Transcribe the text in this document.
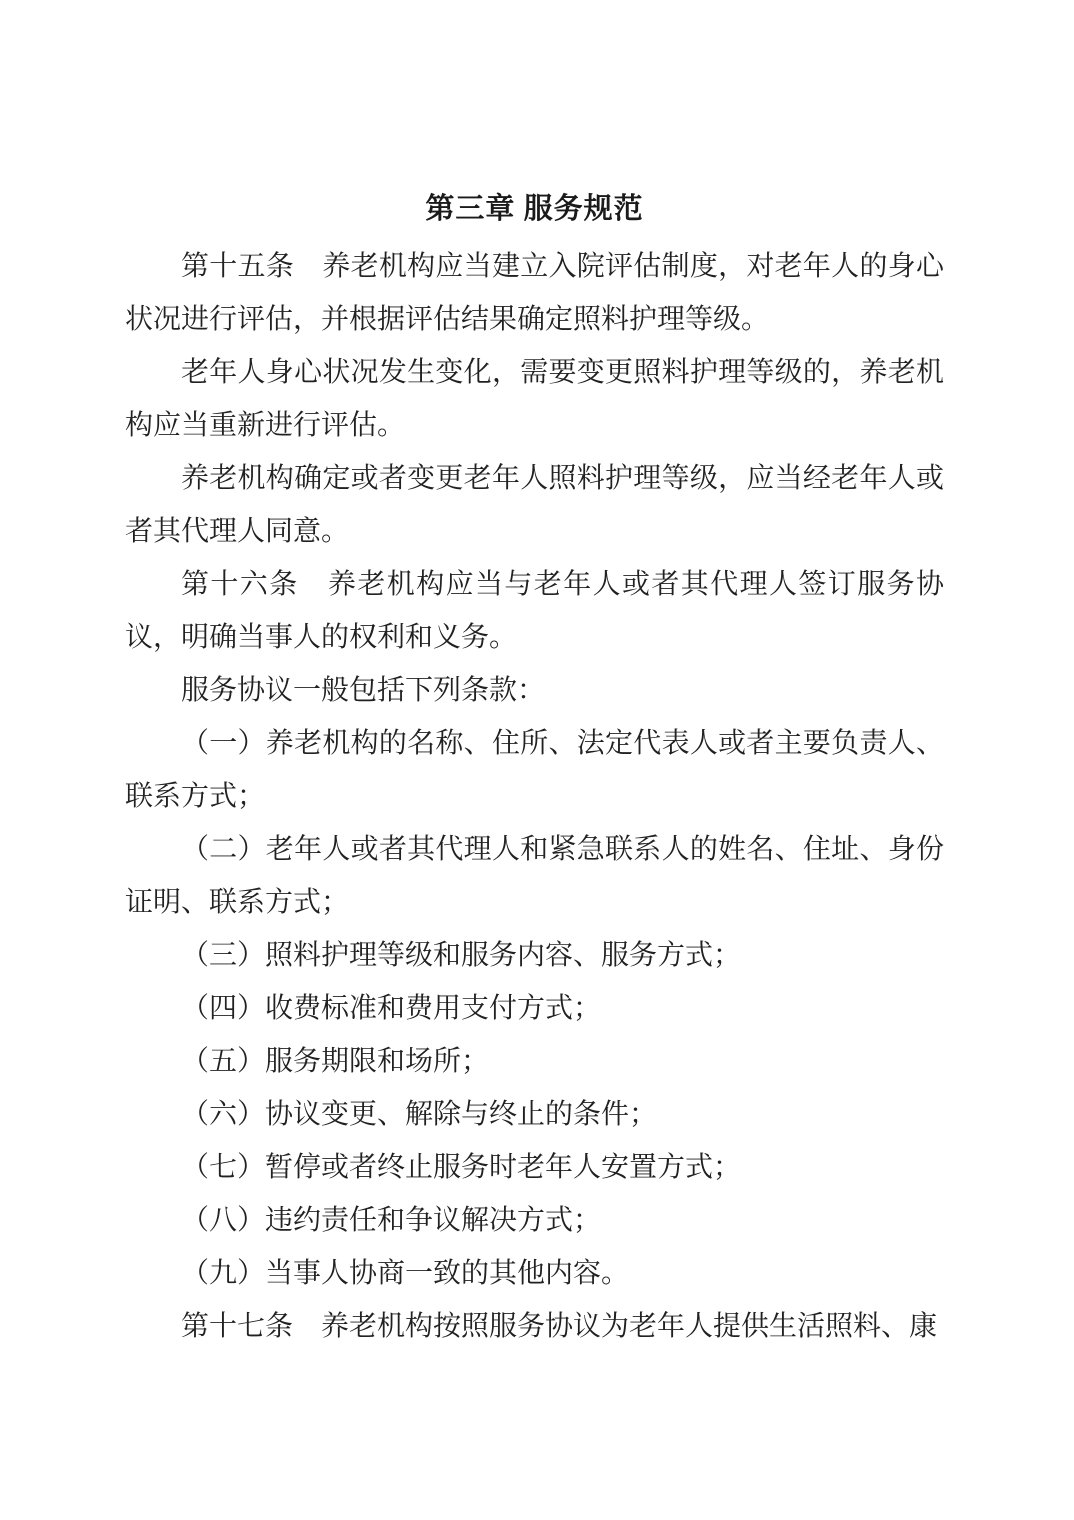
第三章 服务规范

第十五条　养老机构应当建立入院评估制度，对老年人的身心状况进行评估，并根据评估结果确定照料护理等级。

老年人身心状况发生变化，需要变更照料护理等级的，养老机构应当重新进行评估。

养老机构确定或者变更老年人照料护理等级，应当经老年人或者其代理人同意。

第十六条　养老机构应当与老年人或者其代理人签订服务协议，明确当事人的权利和义务。

服务协议一般包括下列条款：

（一）养老机构的名称、住所、法定代表人或者主要负责人、联系方式；

（二）老年人或者其代理人和紧急联系人的姓名、住址、身份证明、联系方式；

（三）照料护理等级和服务内容、服务方式；

（四）收费标准和费用支付方式；

（五）服务期限和场所；

（六）协议变更、解除与终止的条件；

（七）暂停或者终止服务时老年人安置方式；

（八）违约责任和争议解决方式；

（九）当事人协商一致的其他内容。

第十七条　养老机构按照服务协议为老年人提供生活照料、康
